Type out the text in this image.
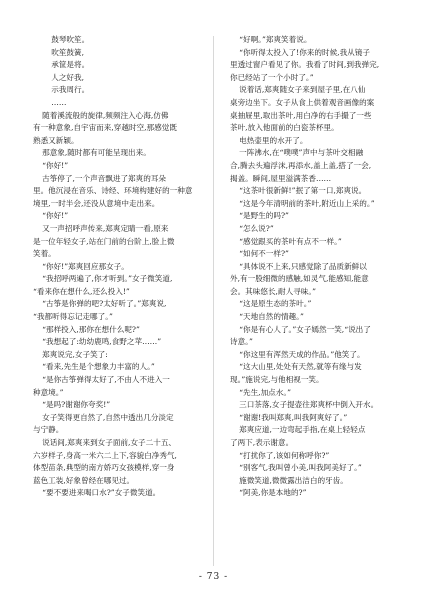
鼓琴吹笙。

吹笙鼓簧,

承筐是将。

人之好我,

示我周行。

……

随着溪流般的旋律,频频注入心海,仿佛

有一种意象,自宇宙而来,穿越时空,那感觉既

熟悉又新颖。

那意象,随时都有可能呈现出来。

“你好!”

古筝停了,一个声音飘进了郑爽的耳朵

里。他沉浸在音乐、诗经、环境构建好的一种意

境里,一时半会,还没从意境中走出来。

“你好!”

又一声招呼声传来,郑爽定睛一看,原来

是一位年轻女子,站在门前的台阶上,脸上微

笑着。

“你好!”郑爽回应那女子。

“我招呼两遍了,你才听到。”女子微笑道,

“看来你在想什么,还么投入!”

“古筝是你弹的吧?太好听了。”郑爽说,

“我都听得忘记走哪了。”

“那样投入,那你在想什么呢?”

“我想起了:幼幼鹿鸣,食野之苹……”

郑爽说完,女子笑了:

“看来,先生是个想象力丰富的人。”

“是你古筝弹得太好了,不由人不进入一

种意境。”

“是吗?谢谢你夸奖!”

女子笑得更自然了,自然中透出几分淡定

与宁静。

说话间,郑爽来到女子面前,女子二十五、

六岁样子,身高一米六二上下,容貌白净秀气,

体型苗条,典型的南方娇巧女孩模样,穿一身

蓝色工装,好象曾经在哪见过。

“要不要进来喝口水?”女子微笑道。

“好啊。”郑爽笑着说。

“你听得太投入了!你来的时候,我从镜子

里透过窗户看见了你。我看了时间,到我弹完,

你已经站了一个小时了。”

说着话,郑爽随女子来到屋子里,在八仙

桌旁边坐下。女子从食上供着观音画像的案

桌抽屉里,取出茶叶,用白净的右手撮了一些

茶叶,放入他面前的白瓷茶杯里。

电热壶里的水开了。

一阵沸水,在“噗噗”声中与茶叶交相融

合,腾去头遍浮沫,再添水,盖上盖,搭了一会,

揭盖。瞬间,屋里溢满茶香……

“这茶叶很新鲜!”抿了第一口,郑爽说。

“这是今年清明前的茶叶,附近山上采的。”

“是野生的吗?”

“怎么说?”

“感觉跟买的茶叶有点不一样。”

“如何不一样?”

“具体说不上来,只感觉除了品质新鲜以

外,有一股细微的感触,如灵气,能感知,能意

会。其味悠长,耐人寻味。”

“这是原生态的茶叶。”

“天地自然的情趣。”

“你是有心人了。”女子嫣然一笑,“说出了

诗意。”

“你这里有浑然天成的作品。”他笑了。

“这大山里,处处有天然,就等有缘与发

现。”施说完,与他相视一笑。

“先生,加点水。”

三口茶落,女子提壶往郑爽杯中倒入开水。

“谢谢!我叫郑爽,叫我阿爽好了。”

郑爽应道,一边弯起手指,在桌上轻轻点

了两下,表示谢意。

“打扰你了,该如何称呼你?”

“别客气,我叫曾小美,叫我阿美好了。”

施微笑道,微微露出洁白的牙齿。

“阿美,你是本地的?”

- 73 -
